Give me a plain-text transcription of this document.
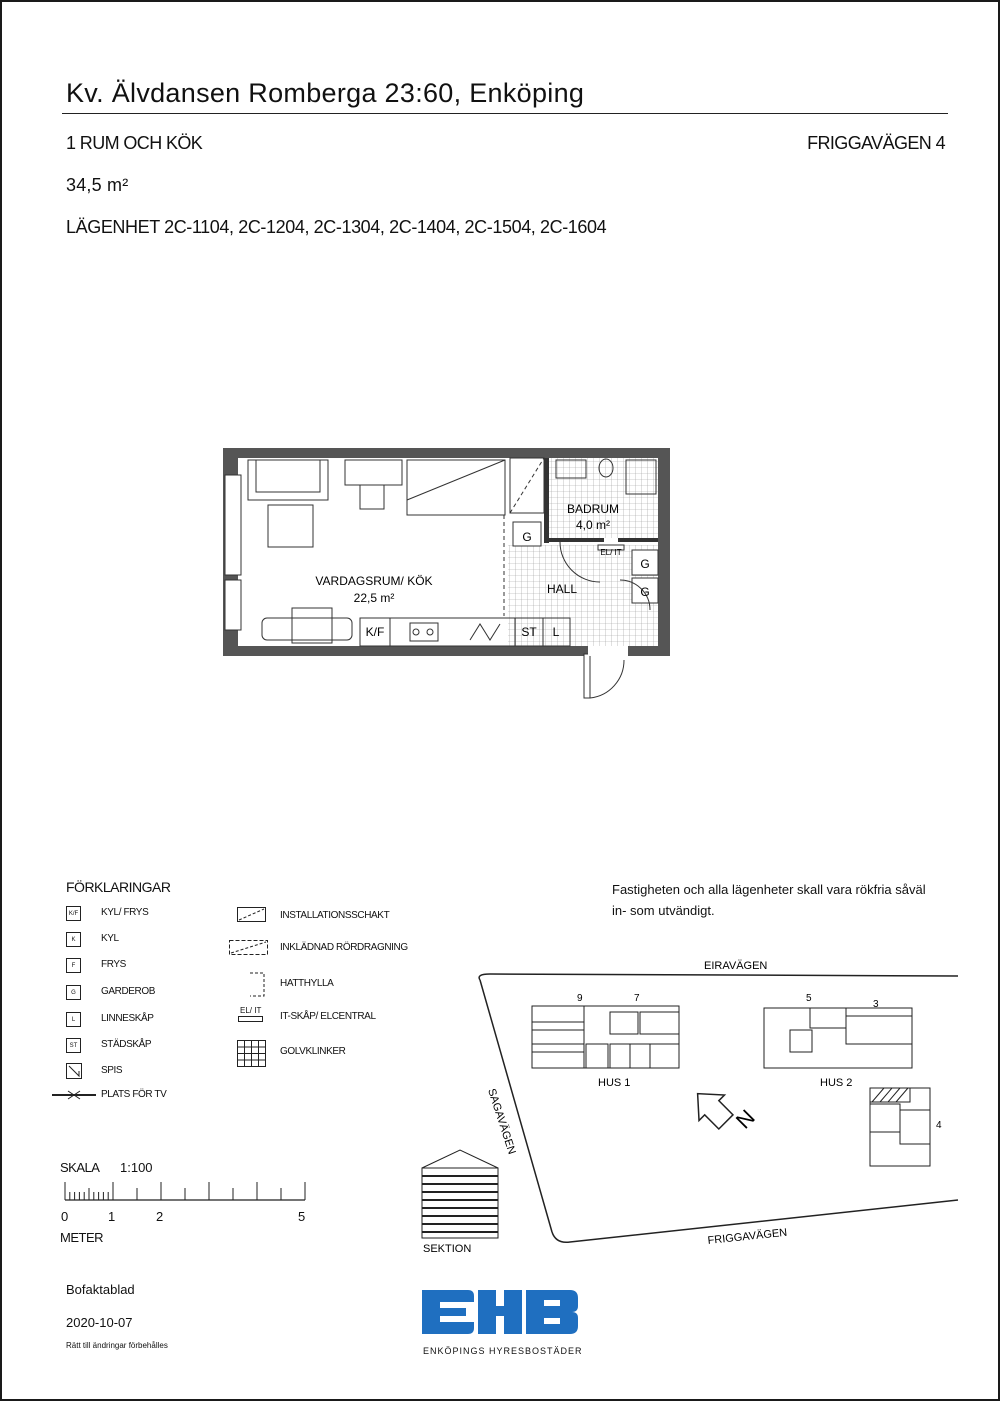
Kv. Älvdansen Romberga 23:60, Enköping
1 RUM OCH KÖK	FRIGGAVÄGEN 4
34,5 m²
LÄGENHET 2C-1104, 2C-1204, 2C-1304, 2C-1404, 2C-1504, 2C-1604
VARDAGSRUM/ KÖK
22,5 m²
BADRUM
4,0 m²
HALL
EL/ IT
G
G
G
K/F	ST L
FÖRKLARINGAR
K/F KYL/ FRYS
K	KYL
F	FRYS
G	GARDEROB
L	LINNESKÅP
ST	STÄDSKÅP
SPIS
PLATS FÖR TV
INSTALLATIONSSCHAKT
INKLÄDNAD RÖRDRAGNING
HATTHYLLA
EL/ IT
IT-SKÅP/ ELCENTRAL
GOLVKLINKER
SKALA 1:100
0	1	2	5
METER
Fastigheten och alla lägenheter skall vara rökfria såväl in- som utvändigt.
N
EIRAVÄGEN
SAGAVÄGEN
FRIGGAVÄGEN
HUS 1	HUS 2
9	7	5
3
4
SEKTION
Bofaktablad
2020-10-07
Rätt till ändringar förbehålles
ENKÖPINGS HYRESBOSTÄDER
